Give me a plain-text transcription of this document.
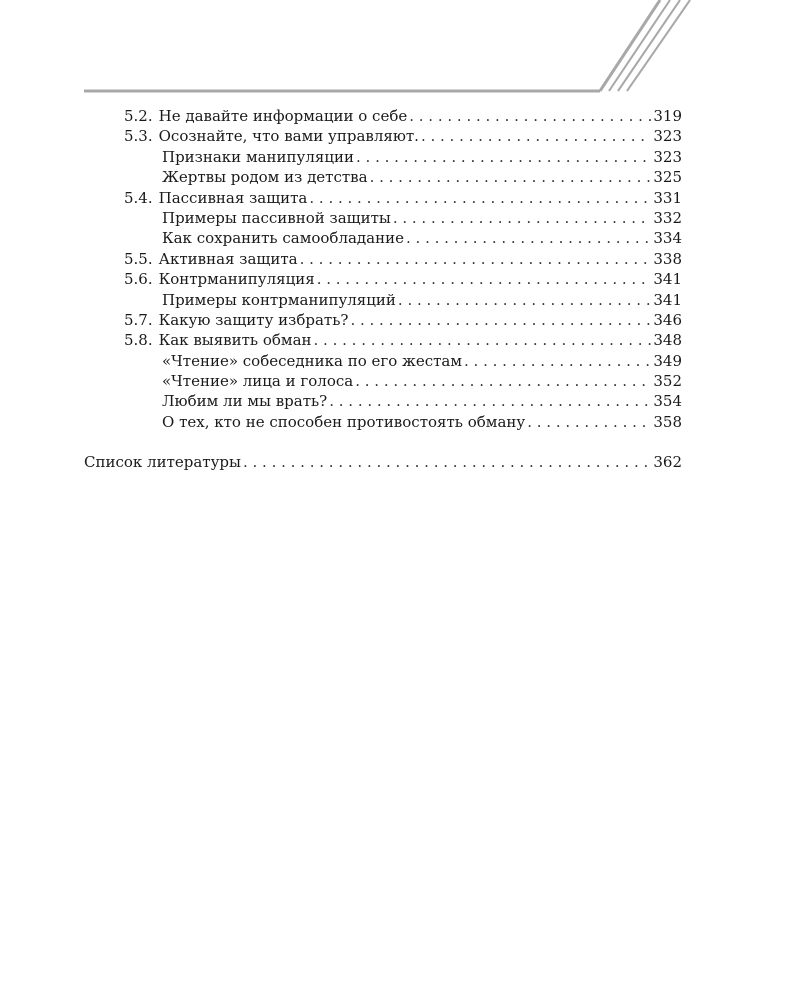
5.2. Не давайте информации о себе . . .	319
5.3. Осознайте, что вами управляют. . . .	323
Признаки манипуляции . . .	323
Жертвы родом из детства . . .	325
5.4. Пассивная защита . . .	331
Примеры пассивной защиты . . .	332
Как сохранить самообладание . . .	334
5.5. Активная защита . . .	338
5.6. Контрманипуляция . . .	341
Примеры контрманипуляций . . .	341
5.7. Какую защиту избрать? . . .	346
5.8. Как выявить обман . . .	348
«Чтение» собеседника по его жестам . . .	349
«Чтение» лица и голоса . . .	352
Любим ли мы врать? . . .	354
О тех, кто не способен противостоять обману . . .	358
Список литературы . . .	362
